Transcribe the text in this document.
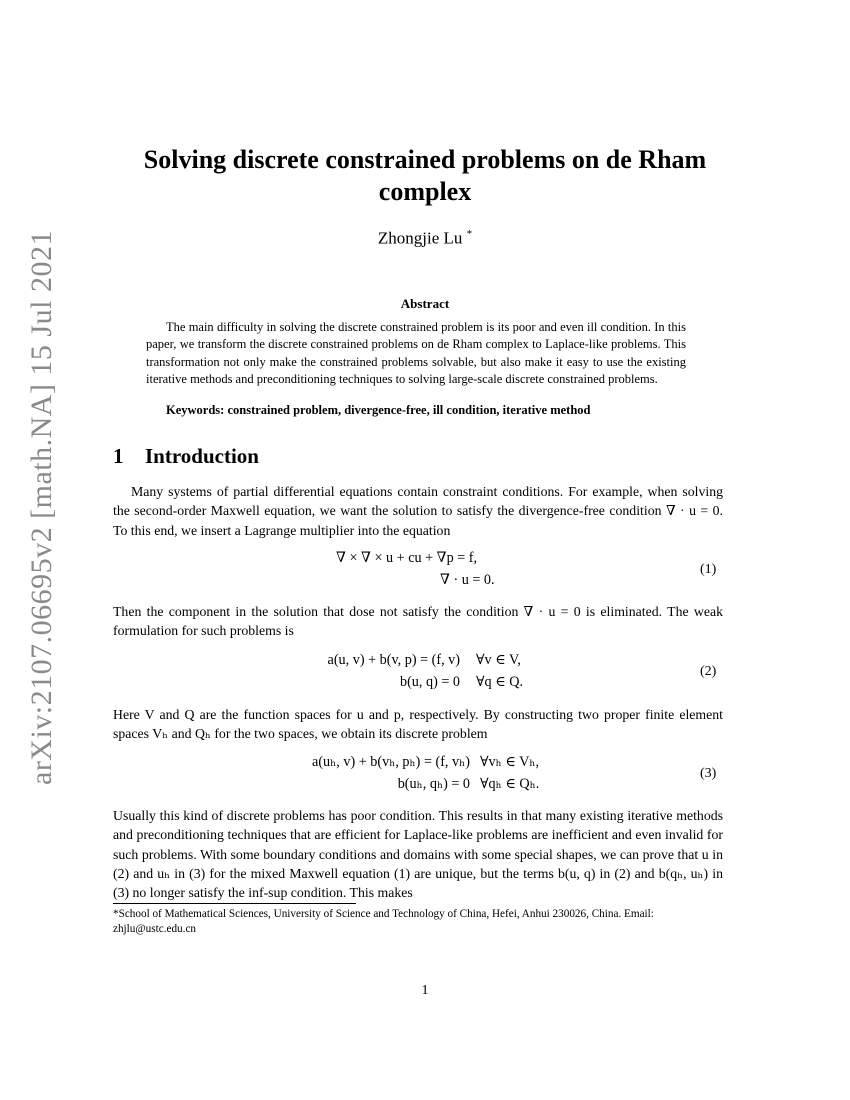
arXiv:2107.06695v2 [math.NA] 15 Jul 2021
Solving discrete constrained problems on de Rham complex
Zhongjie Lu *
Abstract
The main difficulty in solving the discrete constrained problem is its poor and even ill condition. In this paper, we transform the discrete constrained problems on de Rham complex to Laplace-like problems. This transformation not only make the constrained problems solvable, but also make it easy to use the existing iterative methods and preconditioning techniques to solving large-scale discrete constrained problems.
Keywords: constrained problem, divergence-free, ill condition, iterative method
1 Introduction
Many systems of partial differential equations contain constraint conditions. For example, when solving the second-order Maxwell equation, we want the solution to satisfy the divergence-free condition ∇ · u = 0. To this end, we insert a Lagrange multiplier into the equation
∇ × ∇ × u + cu + ∇p = f,
∇ · u = 0.
(1)
Then the component in the solution that dose not satisfy the condition ∇ · u = 0 is eliminated. The weak formulation for such problems is
a(u, v) + b(v, p) = (f, v) ∀v ∈ V,
b(u, q) = 0 ∀q ∈ Q.
(2)
Here V and Q are the function spaces for u and p, respectively. By constructing two proper finite element spaces Vₕ and Qₕ for the two spaces, we obtain its discrete problem
a(uₕ, v) + b(vₕ, pₕ) = (f, vₕ) ∀vₕ ∈ Vₕ,
b(uₕ, qₕ) = 0 ∀qₕ ∈ Qₕ.
(3)
Usually this kind of discrete problems has poor condition. This results in that many existing iterative methods and preconditioning techniques that are efficient for Laplace-like problems are inefficient and even invalid for such problems. With some boundary conditions and domains with some special shapes, we can prove that u in (2) and uₕ in (3) for the mixed Maxwell equation (1) are unique, but the terms b(u, q) in (2) and b(qₕ, uₕ) in (3) no longer satisfy the inf-sup condition. This makes
*School of Mathematical Sciences, University of Science and Technology of China, Hefei, Anhui 230026, China. Email: zhjlu@ustc.edu.cn
1
